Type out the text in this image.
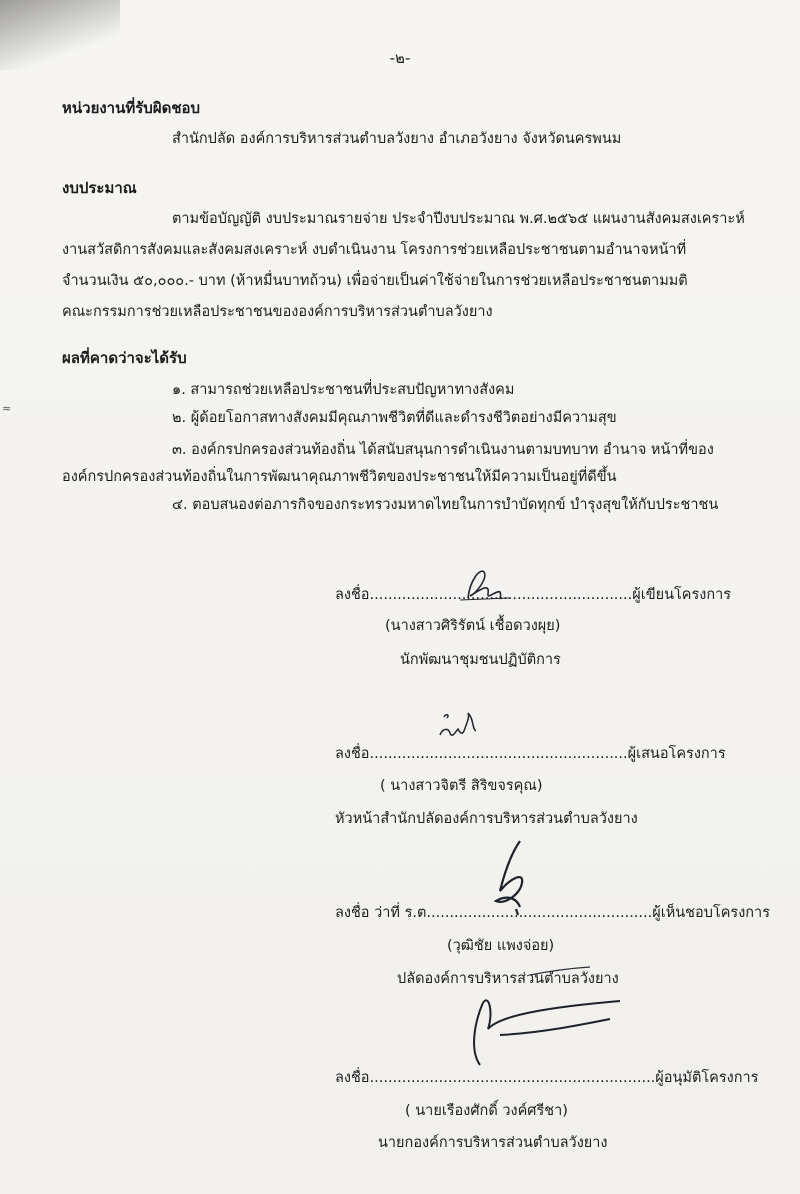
≈
-๒-
หน่วยงานที่รับผิดชอบ
สำนักปลัด องค์การบริหารส่วนตำบลวังยาง อำเภอวังยาง จังหวัดนครพนม
งบประมาณ
ตามข้อบัญญัติ งบประมาณรายจ่าย ประจำปีงบประมาณ พ.ศ.๒๕๖๕ แผนงานสังคมสงเคราะห์
งานสวัสดิการสังคมและสังคมสงเคราะห์ งบดำเนินงาน โครงการช่วยเหลือประชาชนตามอำนาจหน้าที่
จำนวนเงิน ๕๐,๐๐๐.- บาท (ห้าหมื่นบาทถ้วน) เพื่อจ่ายเป็นค่าใช้จ่ายในการช่วยเหลือประชาชนตามมติ
คณะกรรมการช่วยเหลือประชาชนขององค์การบริหารส่วนตำบลวังยาง
ผลที่คาดว่าจะได้รับ
๑. สามารถช่วยเหลือประชาชนที่ประสบปัญหาทางสังคม
๒. ผู้ด้อยโอกาสทางสังคมมีคุณภาพชีวิตที่ดีและดำรงชีวิตอย่างมีความสุข
๓. องค์กรปกครองส่วนท้องถิ่น ได้สนับสนุนการดำเนินงานตามบทบาท อำนาจ หน้าที่ของ
องค์กรปกครองส่วนท้องถิ่นในการพัฒนาคุณภาพชีวิตของประชาชนให้มีความเป็นอยู่ที่ดีขึ้น
๔. ตอบสนองต่อภารกิจของกระทรวงมหาดไทยในการบำบัดทุกข์ บำรุงสุขให้กับประชาชน
ลงชื่อ.........................................................ผู้เขียนโครงการ
(นางสาวศิริรัตน์ เชื้อดวงผุย)
นักพัฒนาชุมชนปฏิบัติการ
ลงชื่อ........................................................ผู้เสนอโครงการ
( นางสาวจิตรี สิริขจรคุณ)
หัวหน้าสำนักปลัดองค์การบริหารส่วนตำบลวังยาง
ลงชื่อ ว่าที่ ร.ต.................................................ผู้เห็นชอบโครงการ
(วุฒิชัย แพงจ่อย)
ปลัดองค์การบริหารส่วนตำบลวังยาง
ลงชื่อ..............................................................ผู้อนุมัติโครงการ
( นายเรืองศักดิ์ วงค์ศรีชา)
นายกองค์การบริหารส่วนตำบลวังยาง
